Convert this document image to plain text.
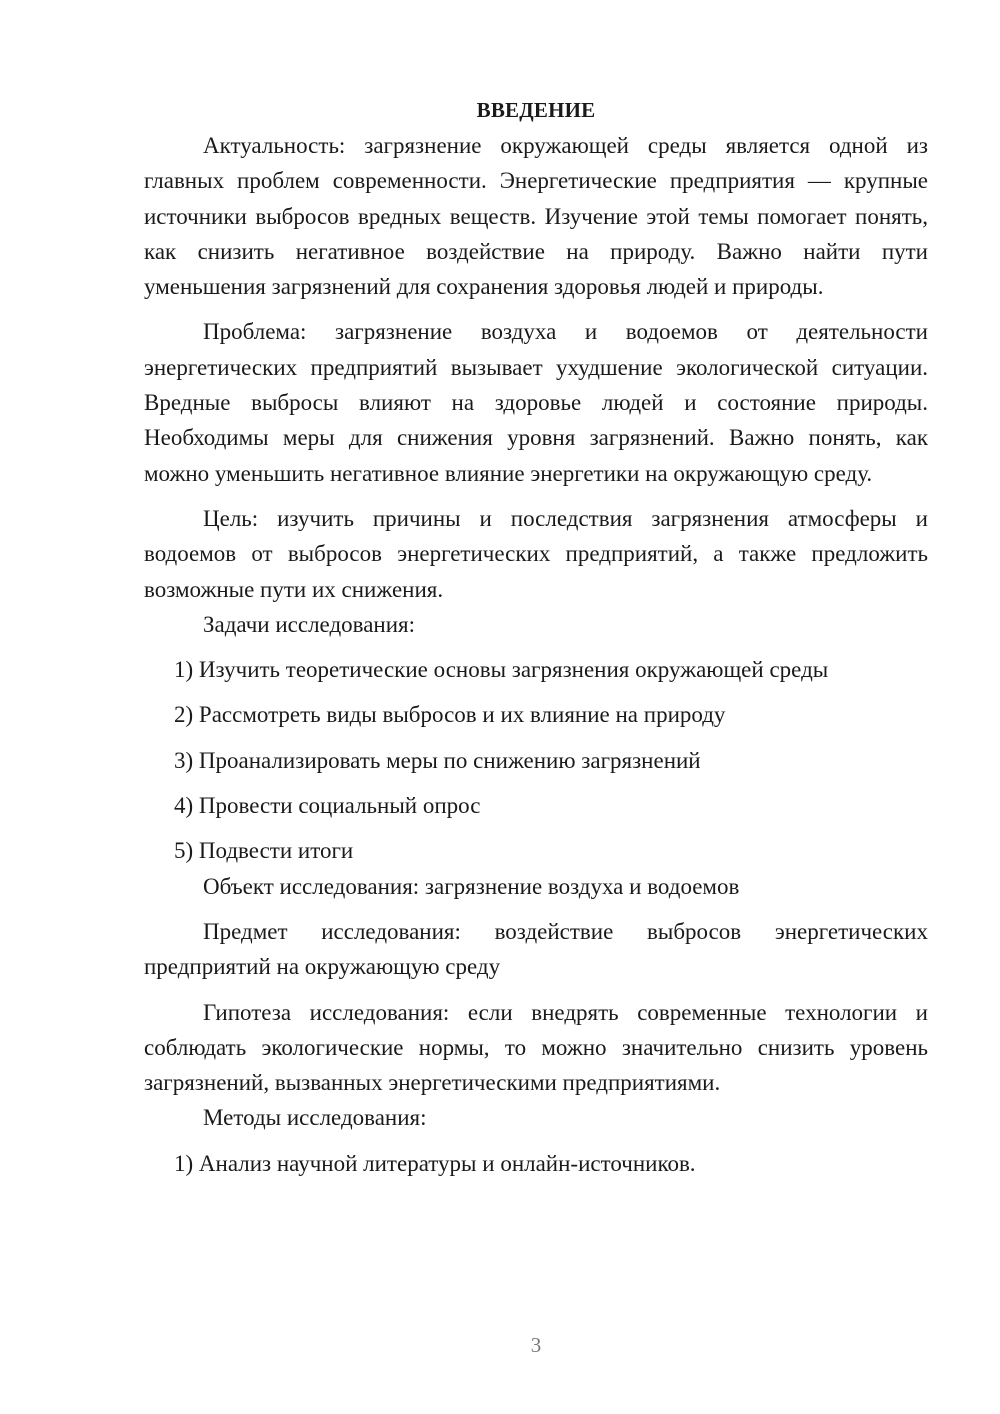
ВВЕДЕНИЕ

Актуальность: загрязнение окружающей среды является одной из главных проблем современности. Энергетические предприятия — крупные источники выбросов вредных веществ. Изучение этой темы помогает понять, как снизить негативное воздействие на природу. Важно найти пути уменьшения загрязнений для сохранения здоровья людей и природы.

Проблема: загрязнение воздуха и водоемов от деятельности энергетических предприятий вызывает ухудшение экологической ситуации. Вредные выбросы влияют на здоровье людей и состояние природы. Необходимы меры для снижения уровня загрязнений. Важно понять, как можно уменьшить негативное влияние энергетики на окружающую среду.

Цель: изучить причины и последствия загрязнения атмосферы и водоемов от выбросов энергетических предприятий, а также предложить возможные пути их снижения.

Задачи исследования:

1) Изучить теоретические основы загрязнения окружающей среды

2) Рассмотреть виды выбросов и их влияние на природу

3) Проанализировать меры по снижению загрязнений

4) Провести социальный опрос

5) Подвести итоги

Объект исследования: загрязнение воздуха и водоемов

Предмет исследования: воздействие выбросов энергетических предприятий на окружающую среду

Гипотеза исследования: если внедрять современные технологии и соблюдать экологические нормы, то можно значительно снизить уровень загрязнений, вызванных энергетическими предприятиями.

Методы исследования:

1) Анализ научной литературы и онлайн-источников.

3
